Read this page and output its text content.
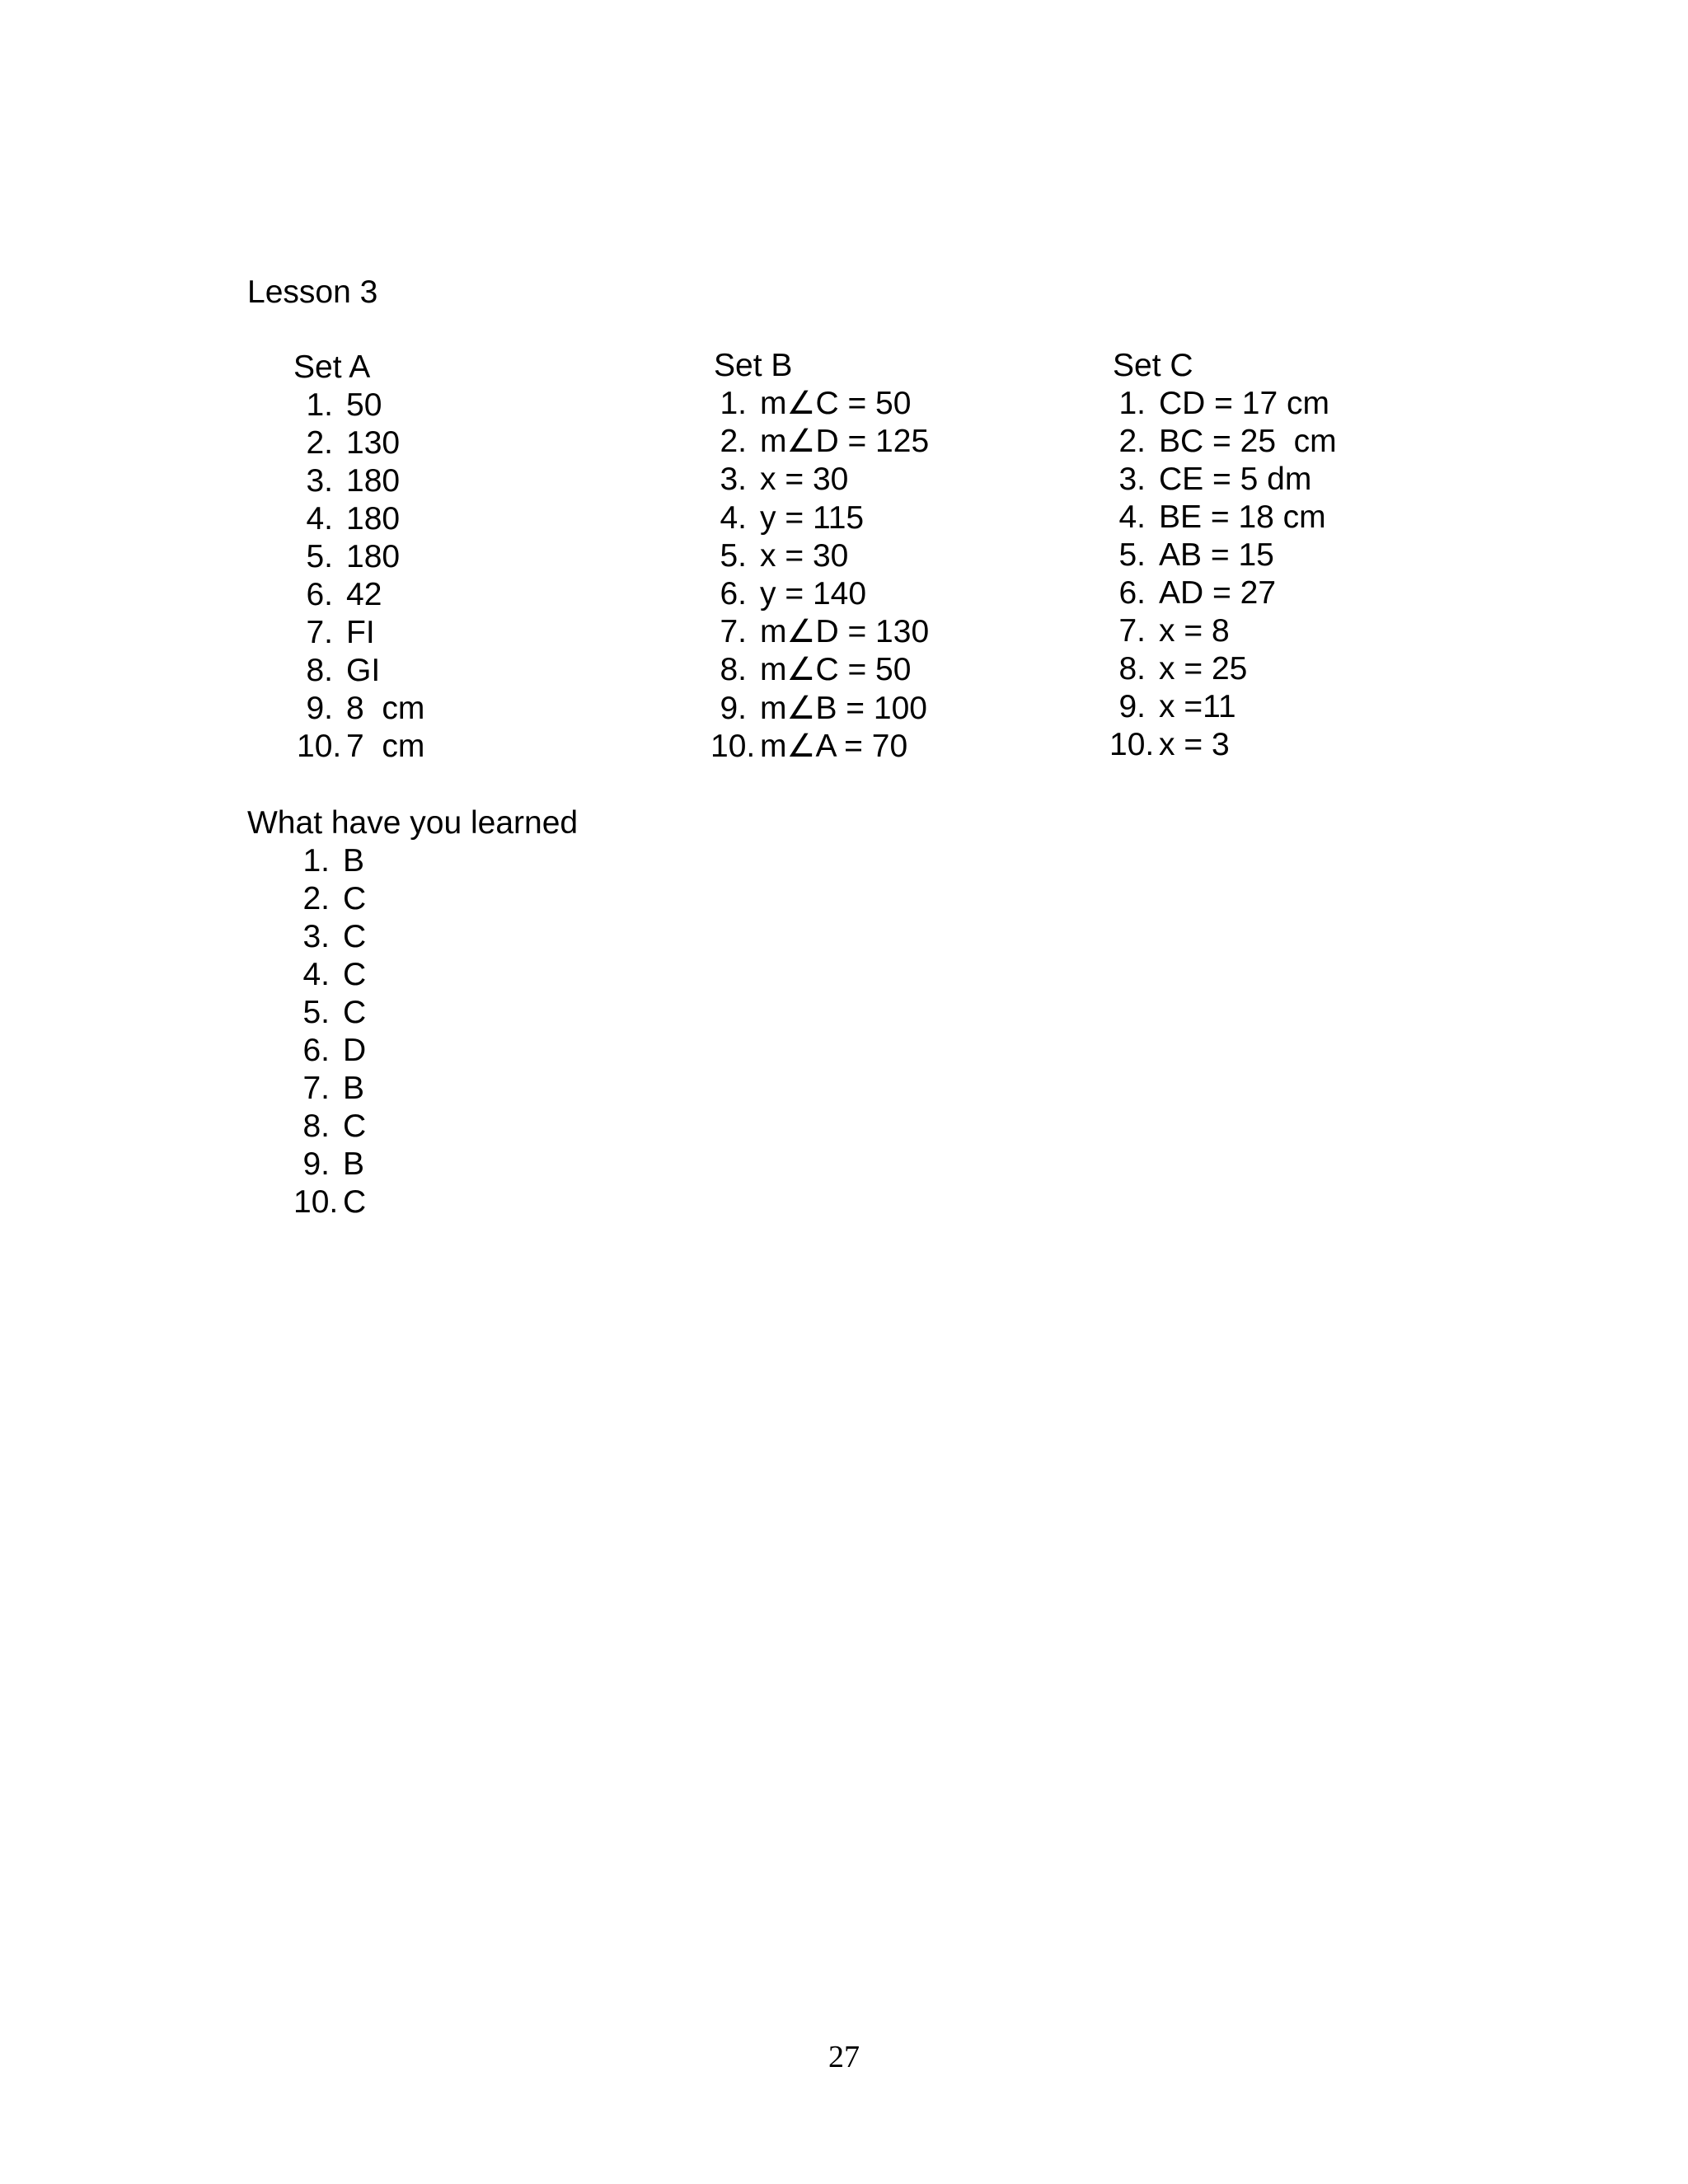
Lesson 3
Set A
1. 50
2. 130
3. 180
4. 180
5. 180
6. 42
7. FI
8. GI
9. 8  cm
10. 7  cm
Set B
1. m∠C = 50
2. m∠D = 125
3. x = 30
4. y = 115
5. x = 30
6. y = 140
7. m∠D = 130
8. m∠C = 50
9. m∠B = 100
10. m∠A = 70
Set C
1. CD = 17 cm
2. BC = 25  cm
3. CE = 5 dm
4. BE = 18 cm
5. AB = 15
6. AD = 27
7. x = 8
8. x = 25
9. x =11
10. x = 3
What have you learned
1. B
2. C
3. C
4. C
5. C
6. D
7. B
8. C
9. B
10. C
27
